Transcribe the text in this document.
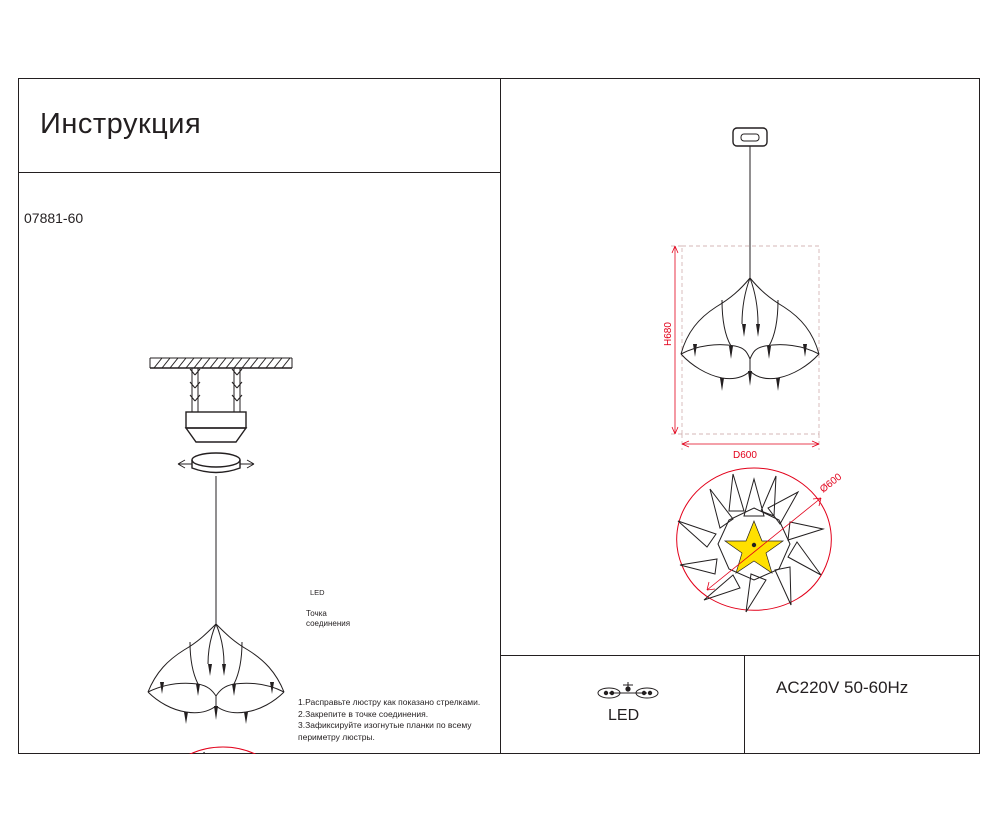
Инструкция
07881-60
LED
Точка
соединения
1.Расправьте люстру как показано стрелками.
2.Закрепите в точке соединения.
3.Зафиксируйте изогнутые планки по всему
периметру люстры.
H680
D600
Ø600
LED
AC220V 50-60Hz
